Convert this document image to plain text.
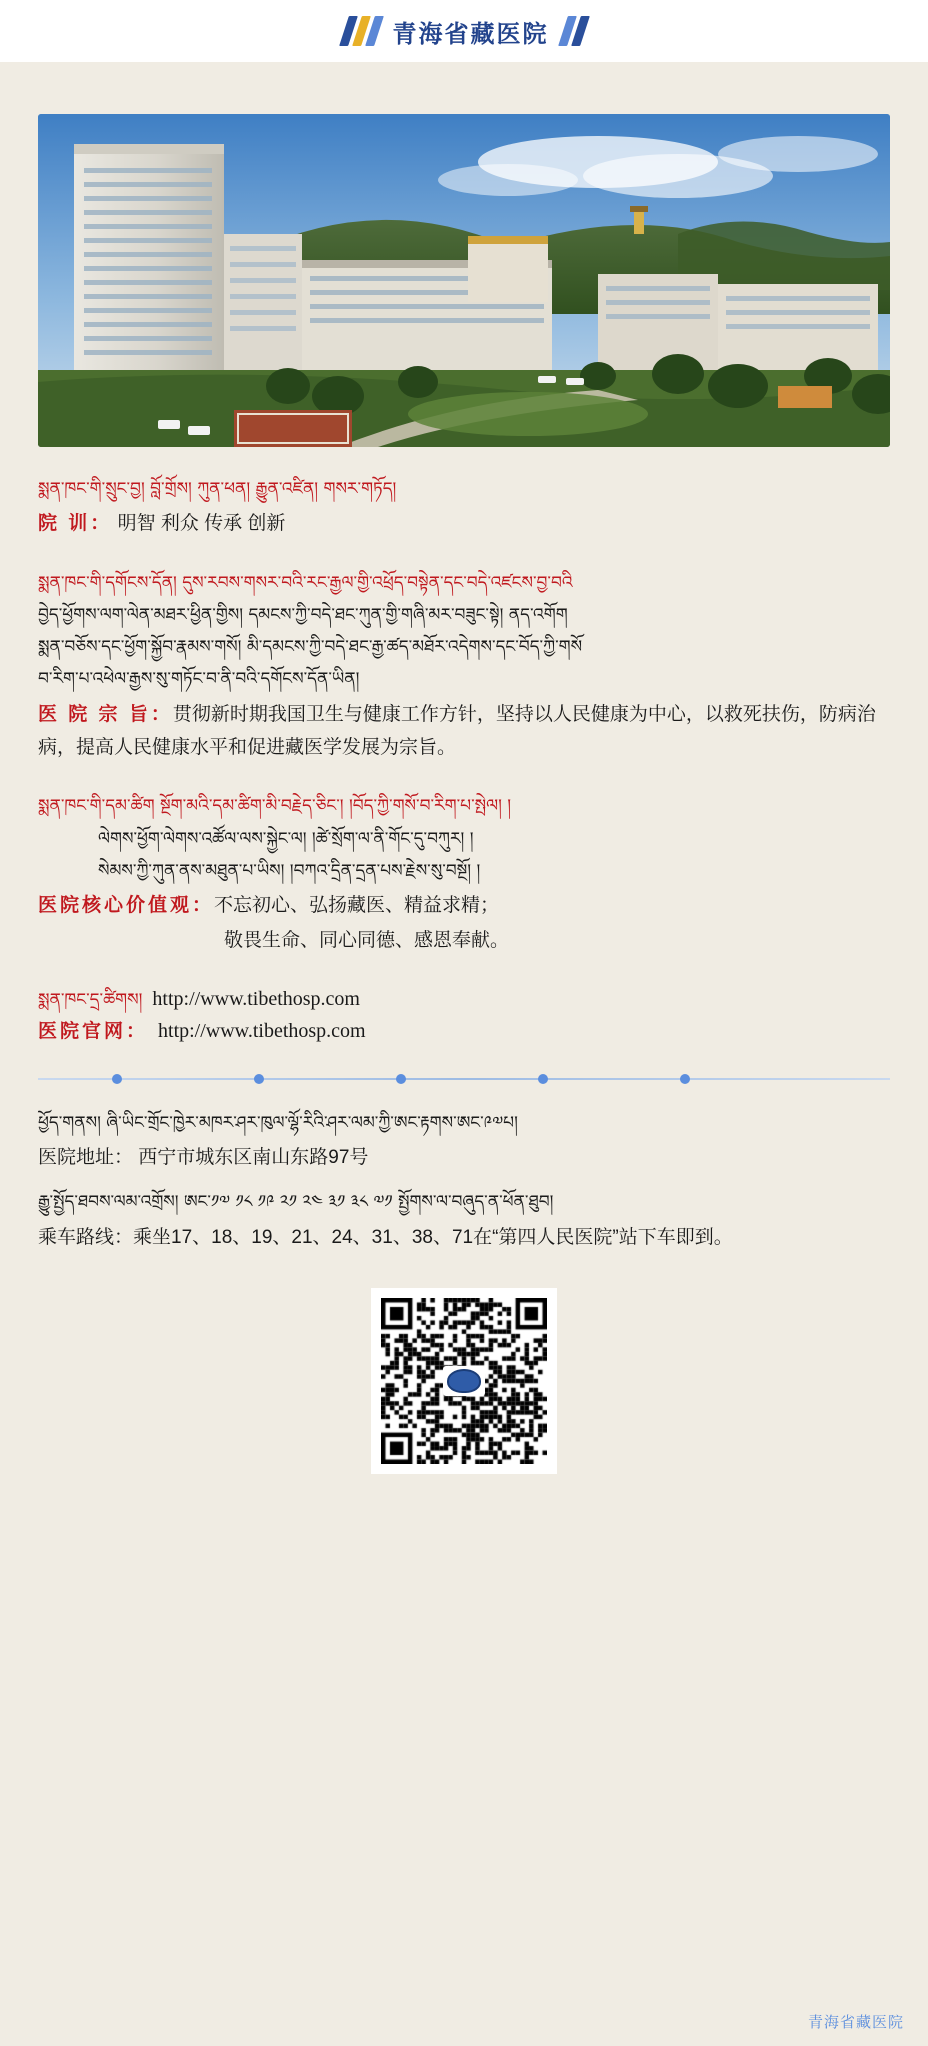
青海省藏医院
སྨན་ཁང་གི་སྲུང་བྱ། བློ་གྲོས། ཀུན་ཕན། རྒྱུན་འཛིན། གསར་གཏོད།
院 训： 明智 利众 传承 创新
སྨན་ཁང་གི་དགོངས་དོན། དུས་རབས་གསར་བའི་རང་རྒྱལ་གྱི་འཕྲོད་བསྟེན་དང་བདེ་འཛངས་བྱ་བའི
བྱེད་ཕྱོགས་ལག་ལེན་མཐར་ཕྱིན་གྱིས། དམངས་ཀྱི་བདེ་ཐང་ཀུན་གྱི་གཞི་མར་བཟུང་སྟེ། ནད་འགོག
སྨན་བཅོས་དང་ཕྱོག་སྐྱོབ་རྣམས་གསོ། མི་དམངས་ཀྱི་བདེ་ཐང་རྒྱ་ཚད་མཐོར་འདེགས་དང་བོད་ཀྱི་གསོ
བ་རིག་པ་འཕེལ་རྒྱས་སུ་གཏོང་བ་ནི་བའི་དགོངས་དོན་ཡིན།
医 院 宗 旨：贯彻新时期我国卫生与健康工作方针，坚持以人民健康为中心，以救死扶伤，防病治病，提高人民健康水平和促进藏医学发展为宗旨。
སྨན་ཁང་གི་དམ་ཚིག སྔོག་མའི་དམ་ཚིག་མི་བརྗེད་ཅིང་། །བོད་ཀྱི་གསོ་བ་རིག་པ་སྤེལ། །
ལེགས་ཕྱོག་ལེགས་འཚོལ་ལས་སྐྱེང་ལ། །ཚེ་སྲོག་ལ་ནི་གོང་དུ་བཀུར། །
སེམས་ཀྱི་ཀུན་ནས་མཐུན་པ་ཡིས། །བཀའ་དྲིན་དྲན་པས་རྗེས་སུ་བསྔོ། །
医院核心价值观：不忘初心、弘扬藏医、精益求精；
敬畏生命、同心同德、感恩奉献。
སྨན་ཁང་དྲ་ཚིགས། http://www.tibethosp.com
医院官网： http://www.tibethosp.com
ཕྱོད་གནས། ཞི་ཡིང་གྲོང་ཁྱེར་མཁར་ཤར་ཁུལ་ལྷོ་རིའི་ཤར་ལམ་ཀྱི་ཨང་རྟགས་ཨང་༩༧པ།
医院地址： 西宁市城东区南山东路97号
རྒྱུ་སྤྱོད་ཐབས་ལམ་འགྲོས། ཨང་༡༧ ༡༨ ༡༩ ༢༡ ༢༤ ༣༡ ༣༨ ༧༡ སྤྱོགས་ལ་བཞུད་ན་ཕོན་ཐུབ།
乘车路线：乘坐17、18、19、21、24、31、38、71在“第四人民医院”站下车即到。
青海省藏医院
